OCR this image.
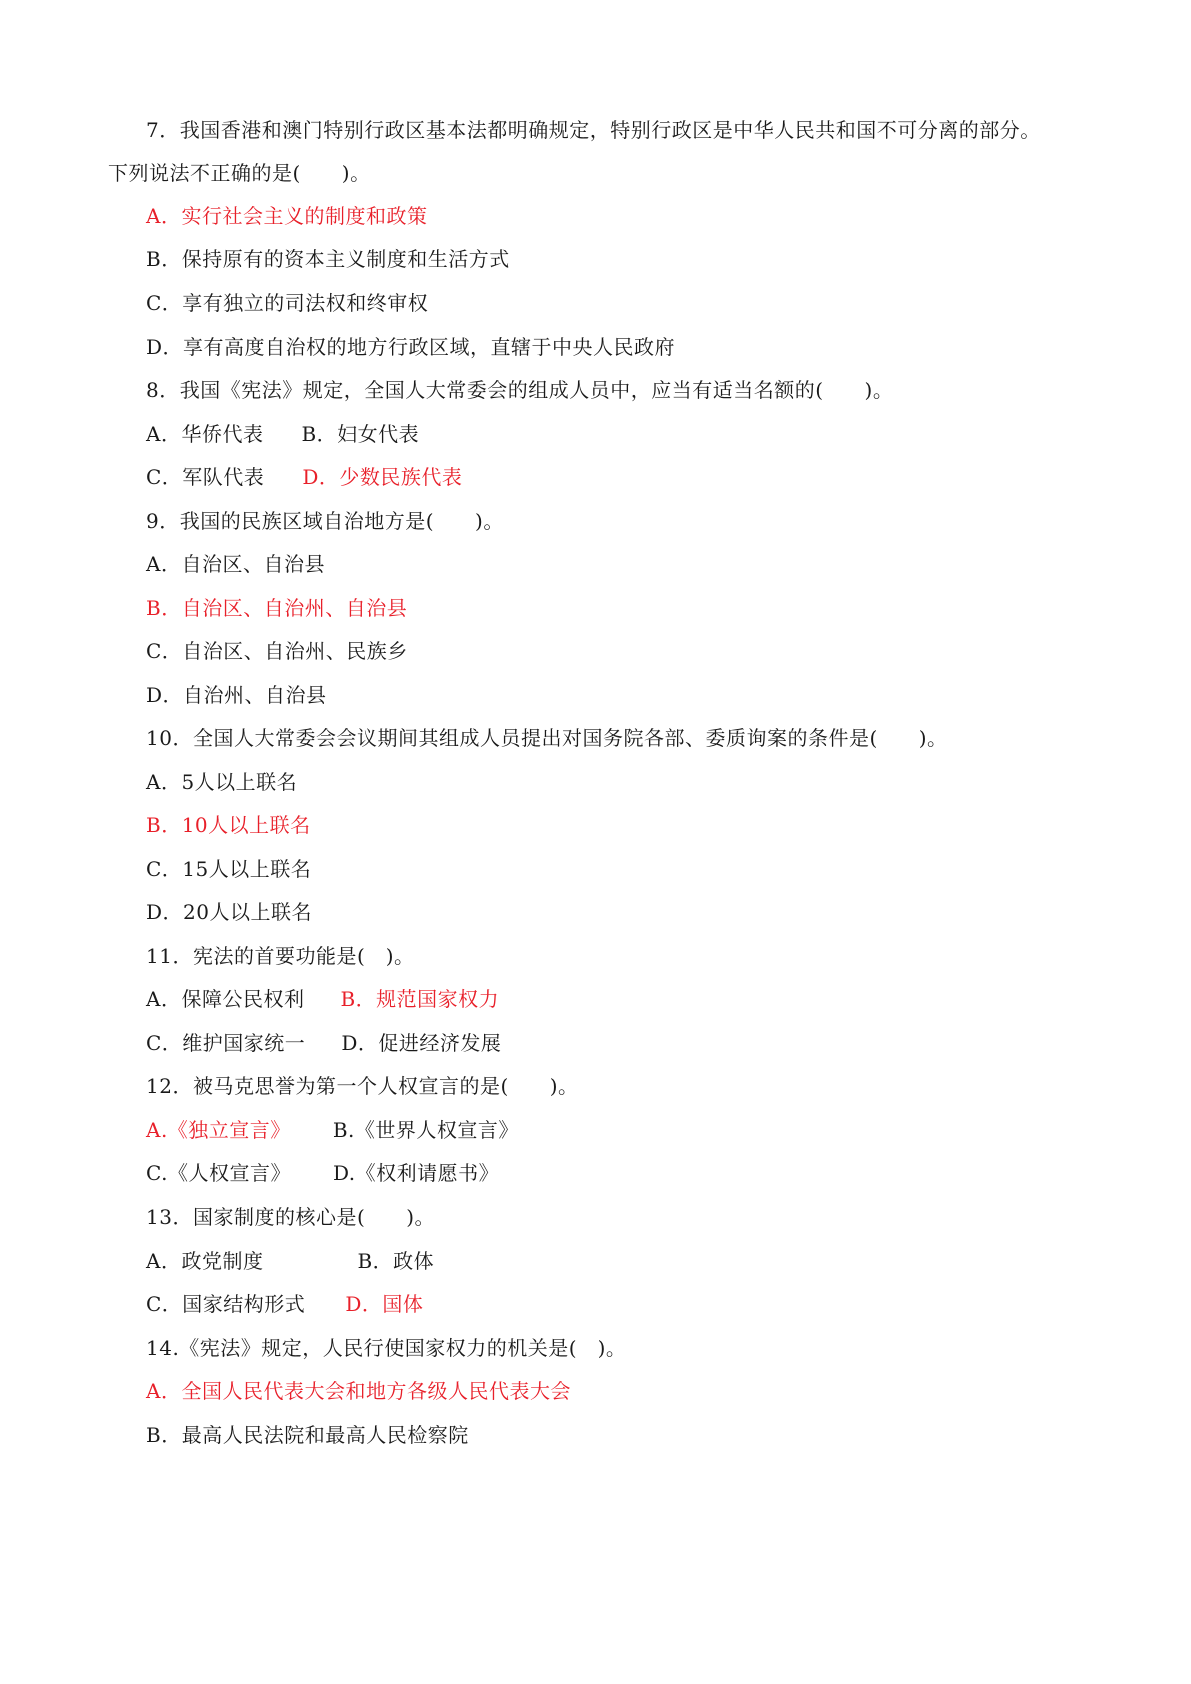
7．我国香港和澳门特别行政区基本法都明确规定，特别行政区是中华人民共和国不可分离的部分。
下列说法不正确的是(　　)。
A．实行社会主义的制度和政策
B．保持原有的资本主义制度和生活方式
C．享有独立的司法权和终审权
D．享有高度自治权的地方行政区域，直辖于中央人民政府
8．我国《宪法》规定，全国人大常委会的组成人员中，应当有适当名额的(　　)。
A．华侨代表 B．妇女代表
C．军队代表 D．少数民族代表
9．我国的民族区域自治地方是(　　)。
A．自治区、自治县
B．自治区、自治州、自治县
C．自治区、自治州、民族乡
D．自治州、自治县
10．全国人大常委会会议期间其组成人员提出对国务院各部、委质询案的条件是(　　)。
A．5人以上联名
B．10人以上联名
C．15人以上联名
D．20人以上联名
11．宪法的首要功能是(　)。
A．保障公民权利 B．规范国家权力
C．维护国家统一 D．促进经济发展
12．被马克思誉为第一个人权宣言的是(　　)。
A.《独立宣言》 B.《世界人权宣言》
C.《人权宣言》 D.《权利请愿书》
13．国家制度的核心是(　　)。
A．政党制度	B．政体
C．国家结构形式 D．国体
14.《宪法》规定，人民行使国家权力的机关是(　)。
A．全国人民代表大会和地方各级人民代表大会
B．最高人民法院和最高人民检察院
